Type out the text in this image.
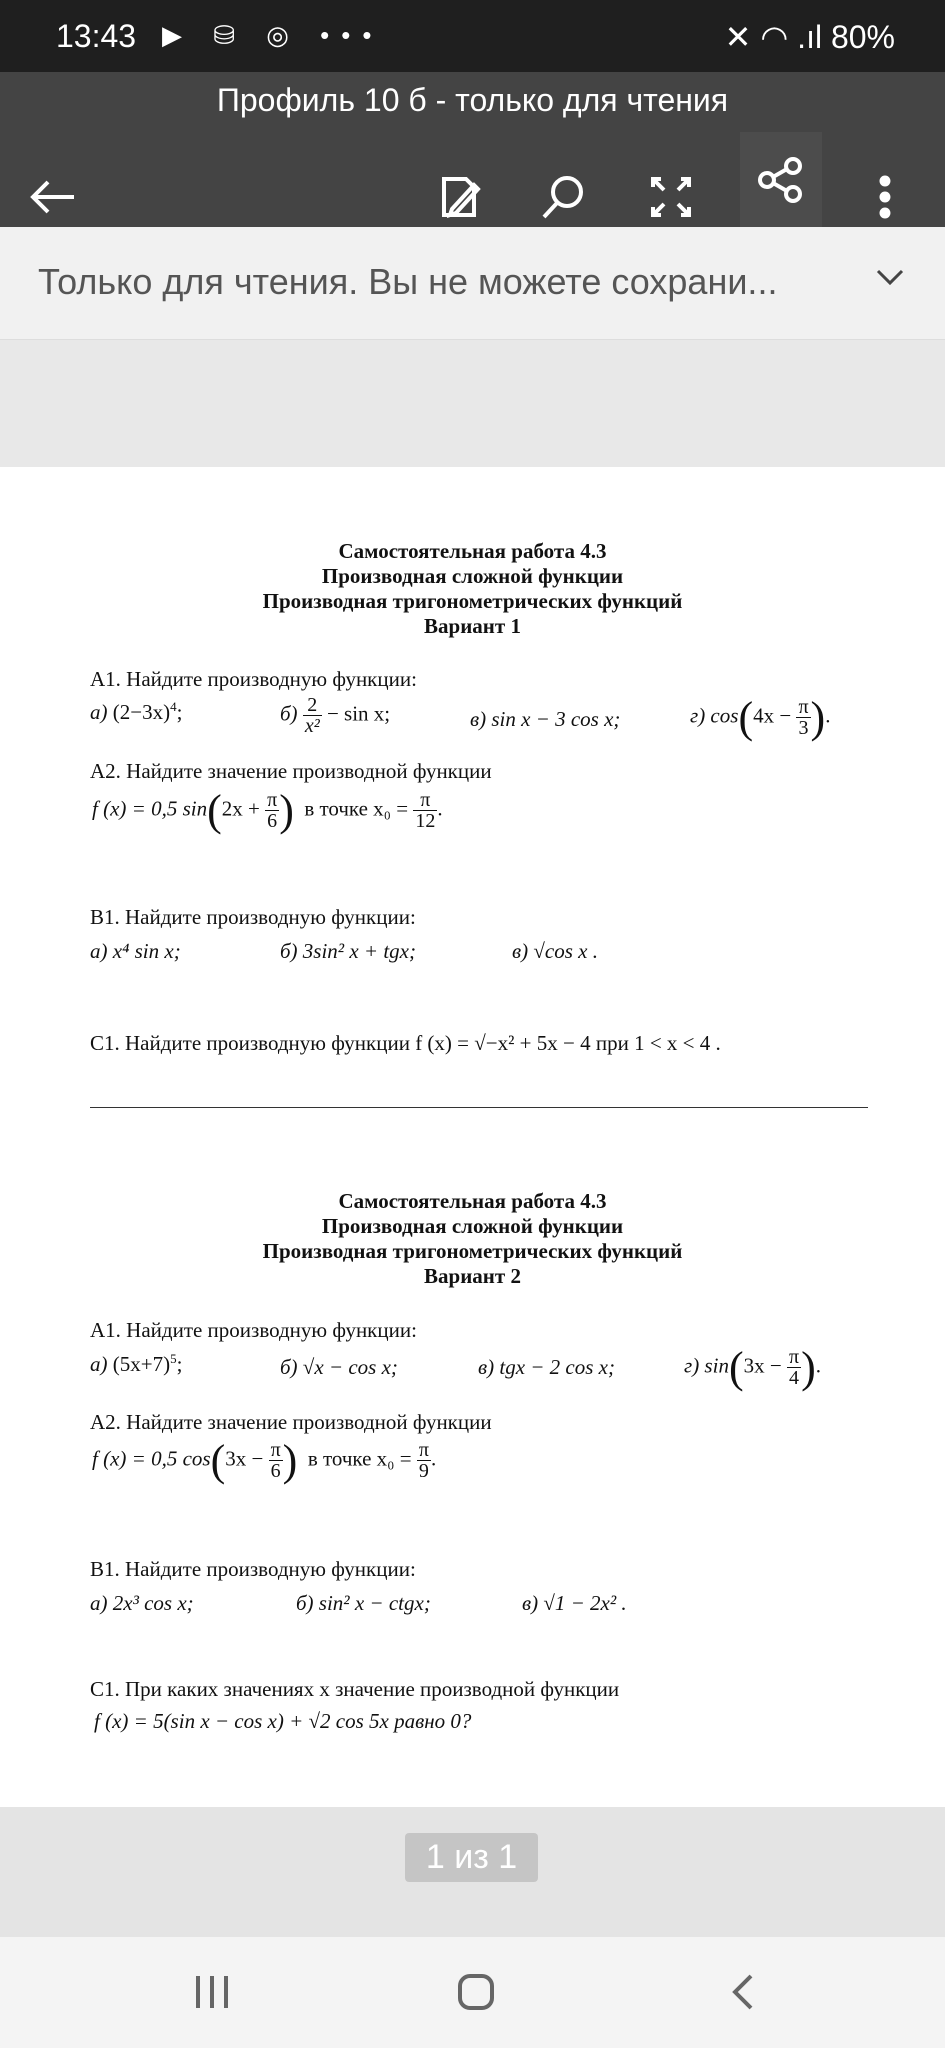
13:43 ▶ ⛁ ◎ •••	✕ ◠ .ıl 80%
Профиль 10 б - только для чтения
Только для чтения. Вы не можете сохрани...
Самостоятельная работа 4.3
Производная сложной функции
Производная тригонометрических функций
Вариант 1
А1. Найдите производную функции:
а) $(2-3x)^4$;	$б) \frac{2}{\text{x²}} - \sin x$;	в) sin x − 3 cos x;	г) $\cos(4x - \frac{\pi}{3}$ ).
А2. Найдите значение производной функции
f (x) = 0,5 $\sin(2x + \frac{\pi}{6}$ ) в точке $x_0 = \frac{\pi}{12}$ .
В1. Найдите производную функции:
а) x⁴ sin x;	б) 3sin² x + tgx;	в) √cos x .
С1. Найдите производную функции f (x) = √−x² + 5x − 4 при 1 < x < 4 .
Самостоятельная работа 4.3
Производная сложной функции
Производная тригонометрических функций
Вариант 2
А1. Найдите производную функции:
а) $(5x+7)^5$;	б) √x − cos x;	в) tgx − 2 cos x;	г) $\sin(3x - \frac{\pi}{4}$ ).
А2. Найдите значение производной функции
f (x) = 0,5 $\cos(3x - \frac{\pi}{6}$ ) в точке $x_0 = \frac{\pi}{9}$ .
В1. Найдите производную функции:
а) 2x³ cos x;	б) sin² x − ctgx;	в) √1 − 2x² .
С1. При каких значениях x значение производной функции
f (x) = 5(sin x − cos x) + √2 cos 5x равно 0?
1 из 1
